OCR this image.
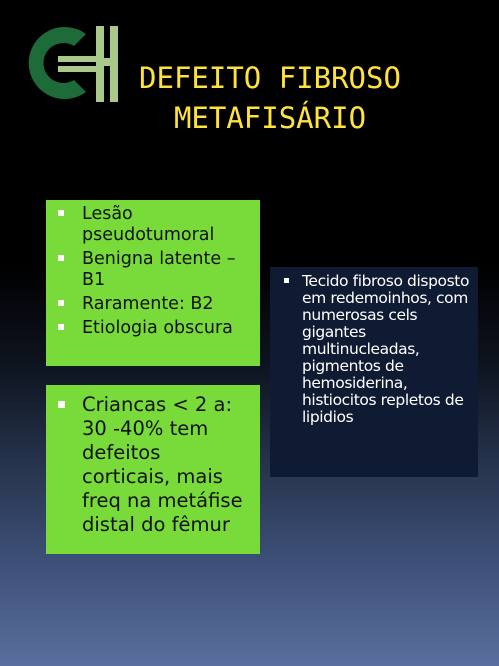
DEFEITO FIBROSO
METAFISÁRIO
Lesão pseudotumoral
Benigna latente – B1
Raramente: B2
Etiologia obscura
Criancas < 2 a: 30 -40% tem defeitos corticais, mais freq na metáfise distal do fêmur
Tecido fibroso disposto em redemoinhos, com numerosas cels gigantes multinucleadas, pigmentos de hemosiderina, histiocitos repletos de lipidios
